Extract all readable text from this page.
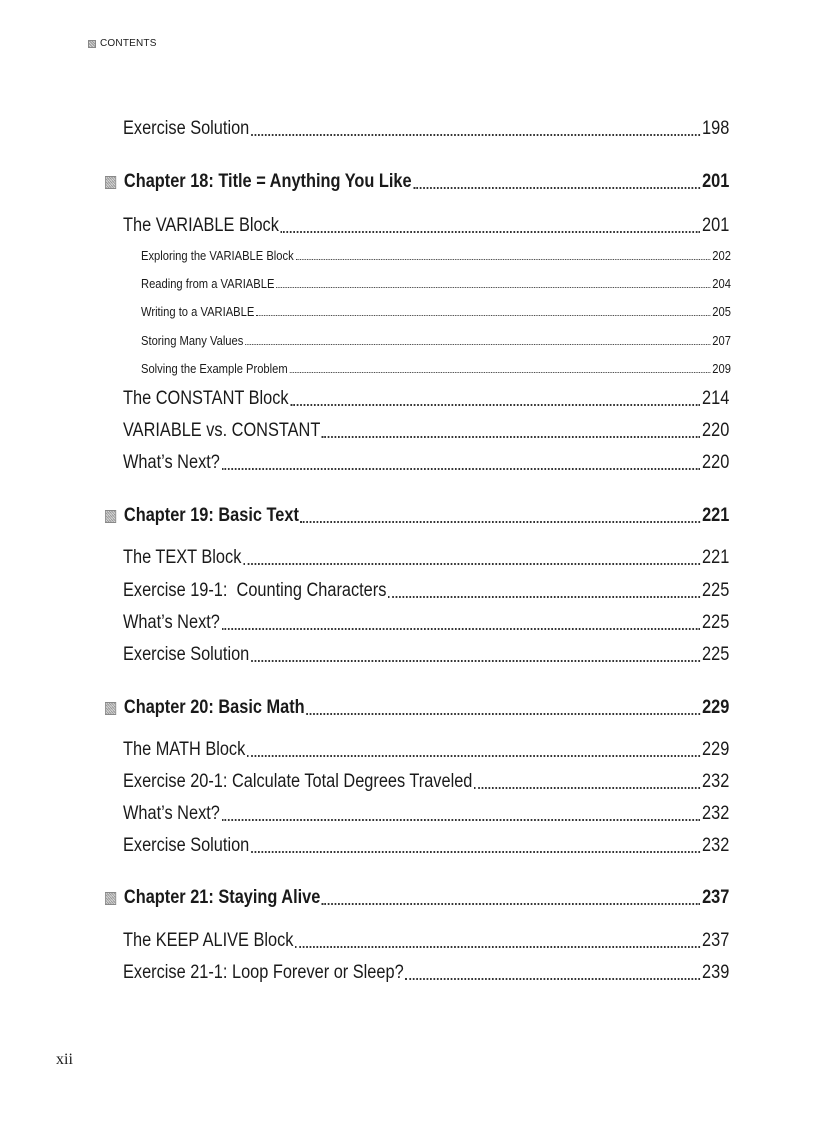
CONTENTS
Exercise Solution	198
Chapter 18: Title = Anything You Like	201
The VARIABLE Block	201
Exploring the VARIABLE Block	202
Reading from a VARIABLE	204
Writing to a VARIABLE	205
Storing Many Values	207
Solving the Example Problem	209
The CONSTANT Block	214
VARIABLE vs. CONSTANT	220
What’s Next?	220
Chapter 19: Basic Text	221
The TEXT Block	221
Exercise 19-1:  Counting Characters	225
What’s Next?	225
Exercise Solution	225
Chapter 20: Basic Math	229
The MATH Block	229
Exercise 20-1: Calculate Total Degrees Traveled	232
What’s Next?	232
Exercise Solution	232
Chapter 21: Staying Alive	237
The KEEP ALIVE Block	237
Exercise 21-1: Loop Forever or Sleep?	239
xii
